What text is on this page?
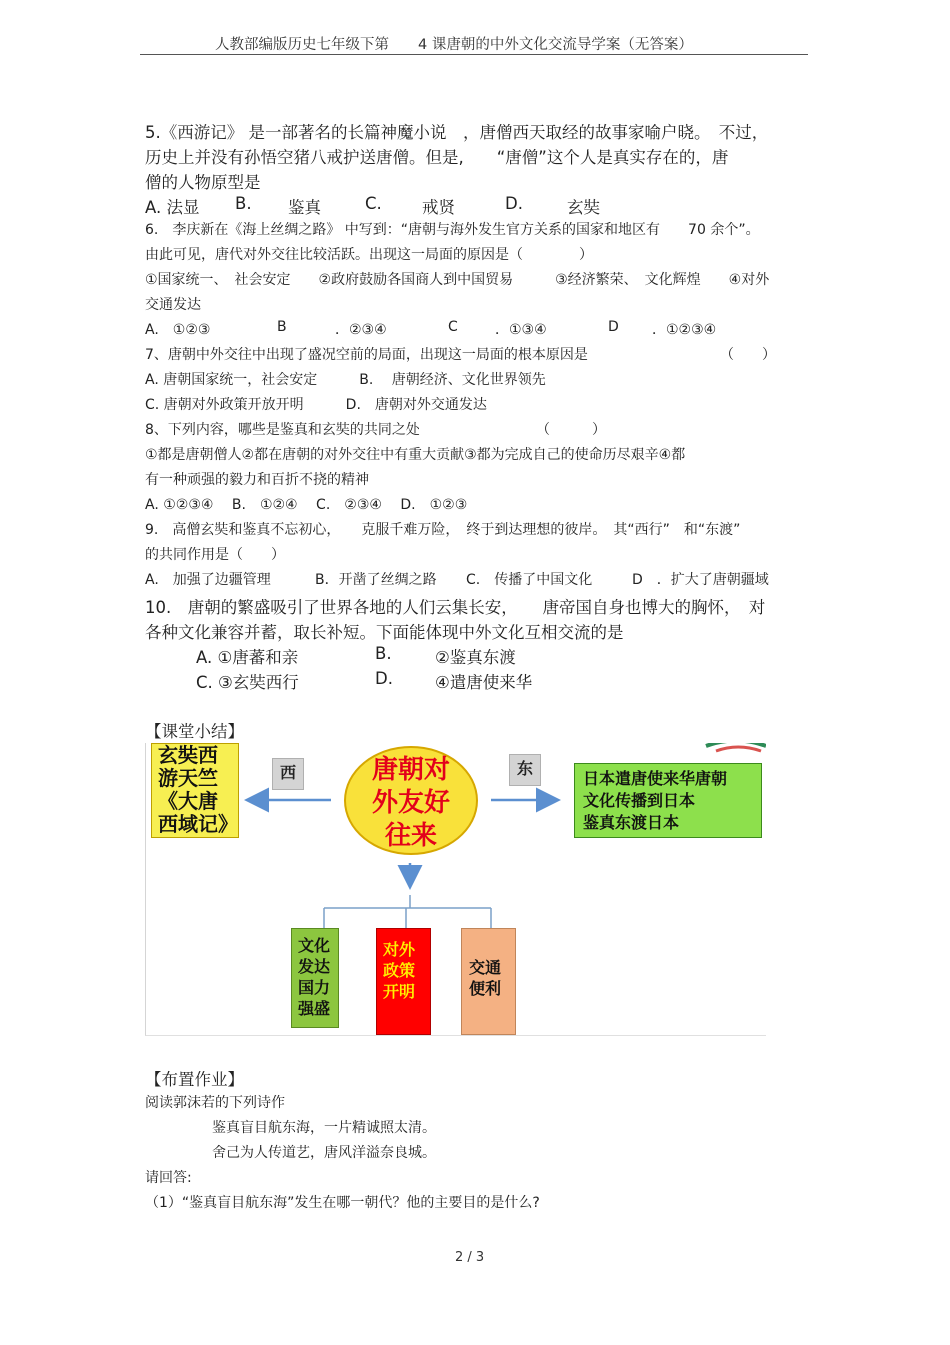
人教部编版历史七年级下第　　4 课唐朝的中外文化交流导学案（无答案）
5.《西游记》 是一部著名的长篇神魔小说　，唐僧西天取经的故事家喻户晓。　不过，
历史上并没有孙悟空猪八戒护送唐僧。但是,　　“唐僧”这个人是真实存在的，唐
僧的人物原型是
A. 法显 B. 鉴真	C. 戒贤	D.	玄奘
6.　李庆新在《海上丝绸之路》 中写到：“唐朝与海外发生官方关系的国家和地区有　　70 余个”。
由此可见，唐代对外交往比较活跃。出现这一局面的原因是（　　　　）
①国家统一、　社会安定　　②政府鼓励各国商人到中国贸易　　　③经济繁荣、　文化辉煌　　④对外
交通发达
A.　①②③	B	．②③④	C	．①③④	D ．①②③④
7、唐朝中外交往中出现了盛况空前的局面，出现这一局面的根本原因是	（　　）
A. 唐朝国家统一，社会安定　　　B.　 唐朝经济、文化世界领先
C. 唐朝对外政策开放开明　　　D.　唐朝对外交通发达
8、下列内容，哪些是鉴真和玄奘的共同之处	（　　　）
①都是唐朝僧人②都在唐朝的对外交往中有重大贡献③都为完成自己的使命历尽艰辛④都
有一种顽强的毅力和百折不挠的精神
A. ①②③④　 B.　①②④　 C.　②③④　 D.　①②③
9.　高僧玄奘和鉴真不忘初心，　　克服千难万险，　终于到达理想的彼岸。　其“西行”　和“东渡”
的共同作用是（　　）
A.　加强了边疆管理	B．开凿了丝绸之路 C.　传播了中国文化	D　．扩大了唐朝疆域
10.　唐朝的繁盛吸引了世界各地的人们云集长安，　　唐帝国自身也博大的胸怀，　对
各种文化兼容并蓄，取长补短。下面能体现中外文化互相交流的是
A. ①唐蕃和亲	B.	②鉴真东渡
C. ③玄奘西行	D.	④遣唐使来华
【课堂小结】
玄奘西
游天竺
《大唐
西域记》
西	唐朝对
外友好
往来
东
日本遣唐使来华唐朝
文化传播到日本
鉴真东渡日本
文化
发达
国力
强盛
对外
政策
开明
交通
便利
【布置作业】
阅读郭沫若的下列诗作
鉴真盲目航东海，一片精诚照太清。
舍己为人传道艺，唐风洋溢奈良城。
请回答:
（1）“鉴真盲目航东海”发生在哪一朝代？他的主要目的是什么?
2 / 3
